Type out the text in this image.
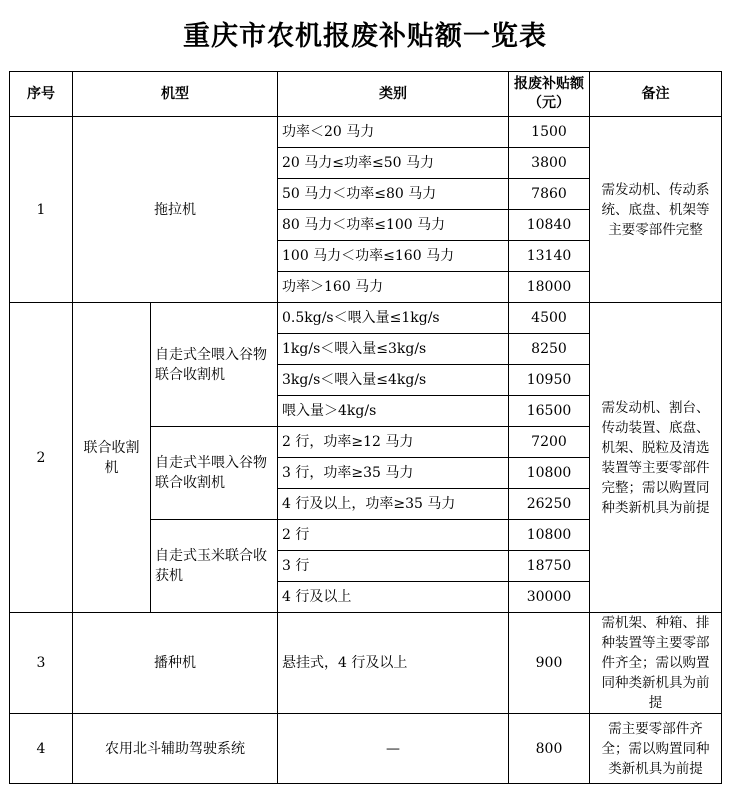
重庆市农机报废补贴额一览表
序号	机型		类别	报废补贴额（元）	备注
1	拖拉机		功率＜20 马力	1500	需发动机、传动系统、底盘、机架等主要零部件完整
			20 马力≤功率≤50 马力	3800	
			50 马力＜功率≤80 马力	7860	
			80 马力＜功率≤100 马力	10840	
			100 马力＜功率≤160 马力	13140	
			功率＞160 马力	18000	
2	联合收割机	自走式全喂入谷物联合收割机	0.5kg/s＜喂入量≤1kg/s	4500	需发动机、割台、传动装置、底盘、机架、脱粒及清选装置等主要零部件完整；需以购置同种类新机具为前提
			1kg/s＜喂入量≤3kg/s	8250	
			3kg/s＜喂入量≤4kg/s	10950	
			喂入量＞4kg/s	16500	
		自走式半喂入谷物联合收割机	2 行，功率≥12 马力	7200	
			3 行，功率≥35 马力	10800	
			4 行及以上，功率≥35 马力	26250	
		自走式玉米联合收获机	2 行	10800	
			3 行	18750	
			4 行及以上	30000	
3	播种机		悬挂式，4 行及以上	900	需机架、种箱、排种装置等主要零部件齐全；需以购置同种类新机具为前提
4	农用北斗辅助驾驶系统		—	800	需主要零部件齐全；需以购置同种类新机具为前提
